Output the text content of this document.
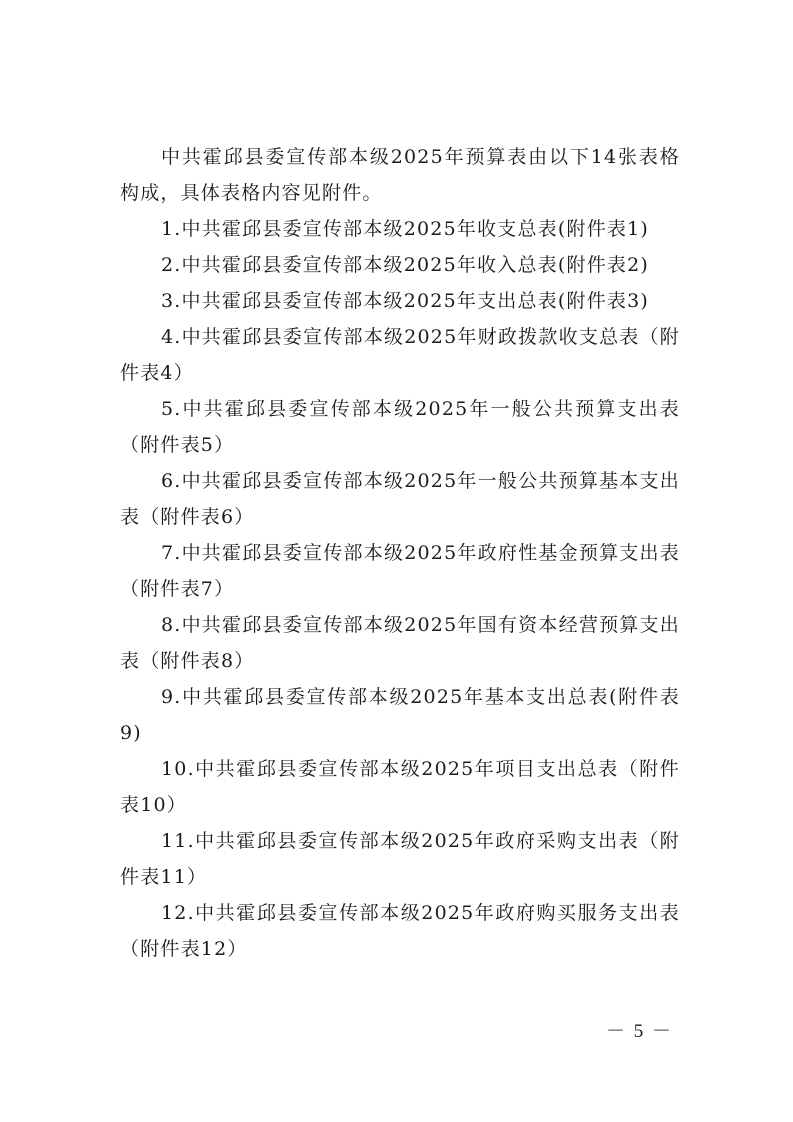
中共霍邱县委宣传部本级2025年预算表由以下14张表格构成，具体表格内容见附件。

1.中共霍邱县委宣传部本级2025年收支总表(附件表1)

2.中共霍邱县委宣传部本级2025年收入总表(附件表2)

3.中共霍邱县委宣传部本级2025年支出总表(附件表3)

4.中共霍邱县委宣传部本级2025年财政拨款收支总表（附件表4）

5.中共霍邱县委宣传部本级2025年一般公共预算支出表（附件表5）

6.中共霍邱县委宣传部本级2025年一般公共预算基本支出表（附件表6）

7.中共霍邱县委宣传部本级2025年政府性基金预算支出表（附件表7）

8.中共霍邱县委宣传部本级2025年国有资本经营预算支出表（附件表8）

9.中共霍邱县委宣传部本级2025年基本支出总表(附件表9)

10.中共霍邱县委宣传部本级2025年项目支出总表（附件表10）

11.中共霍邱县委宣传部本级2025年政府采购支出表（附件表11）

12.中共霍邱县委宣传部本级2025年政府购买服务支出表（附件表12）

－ 5 －
